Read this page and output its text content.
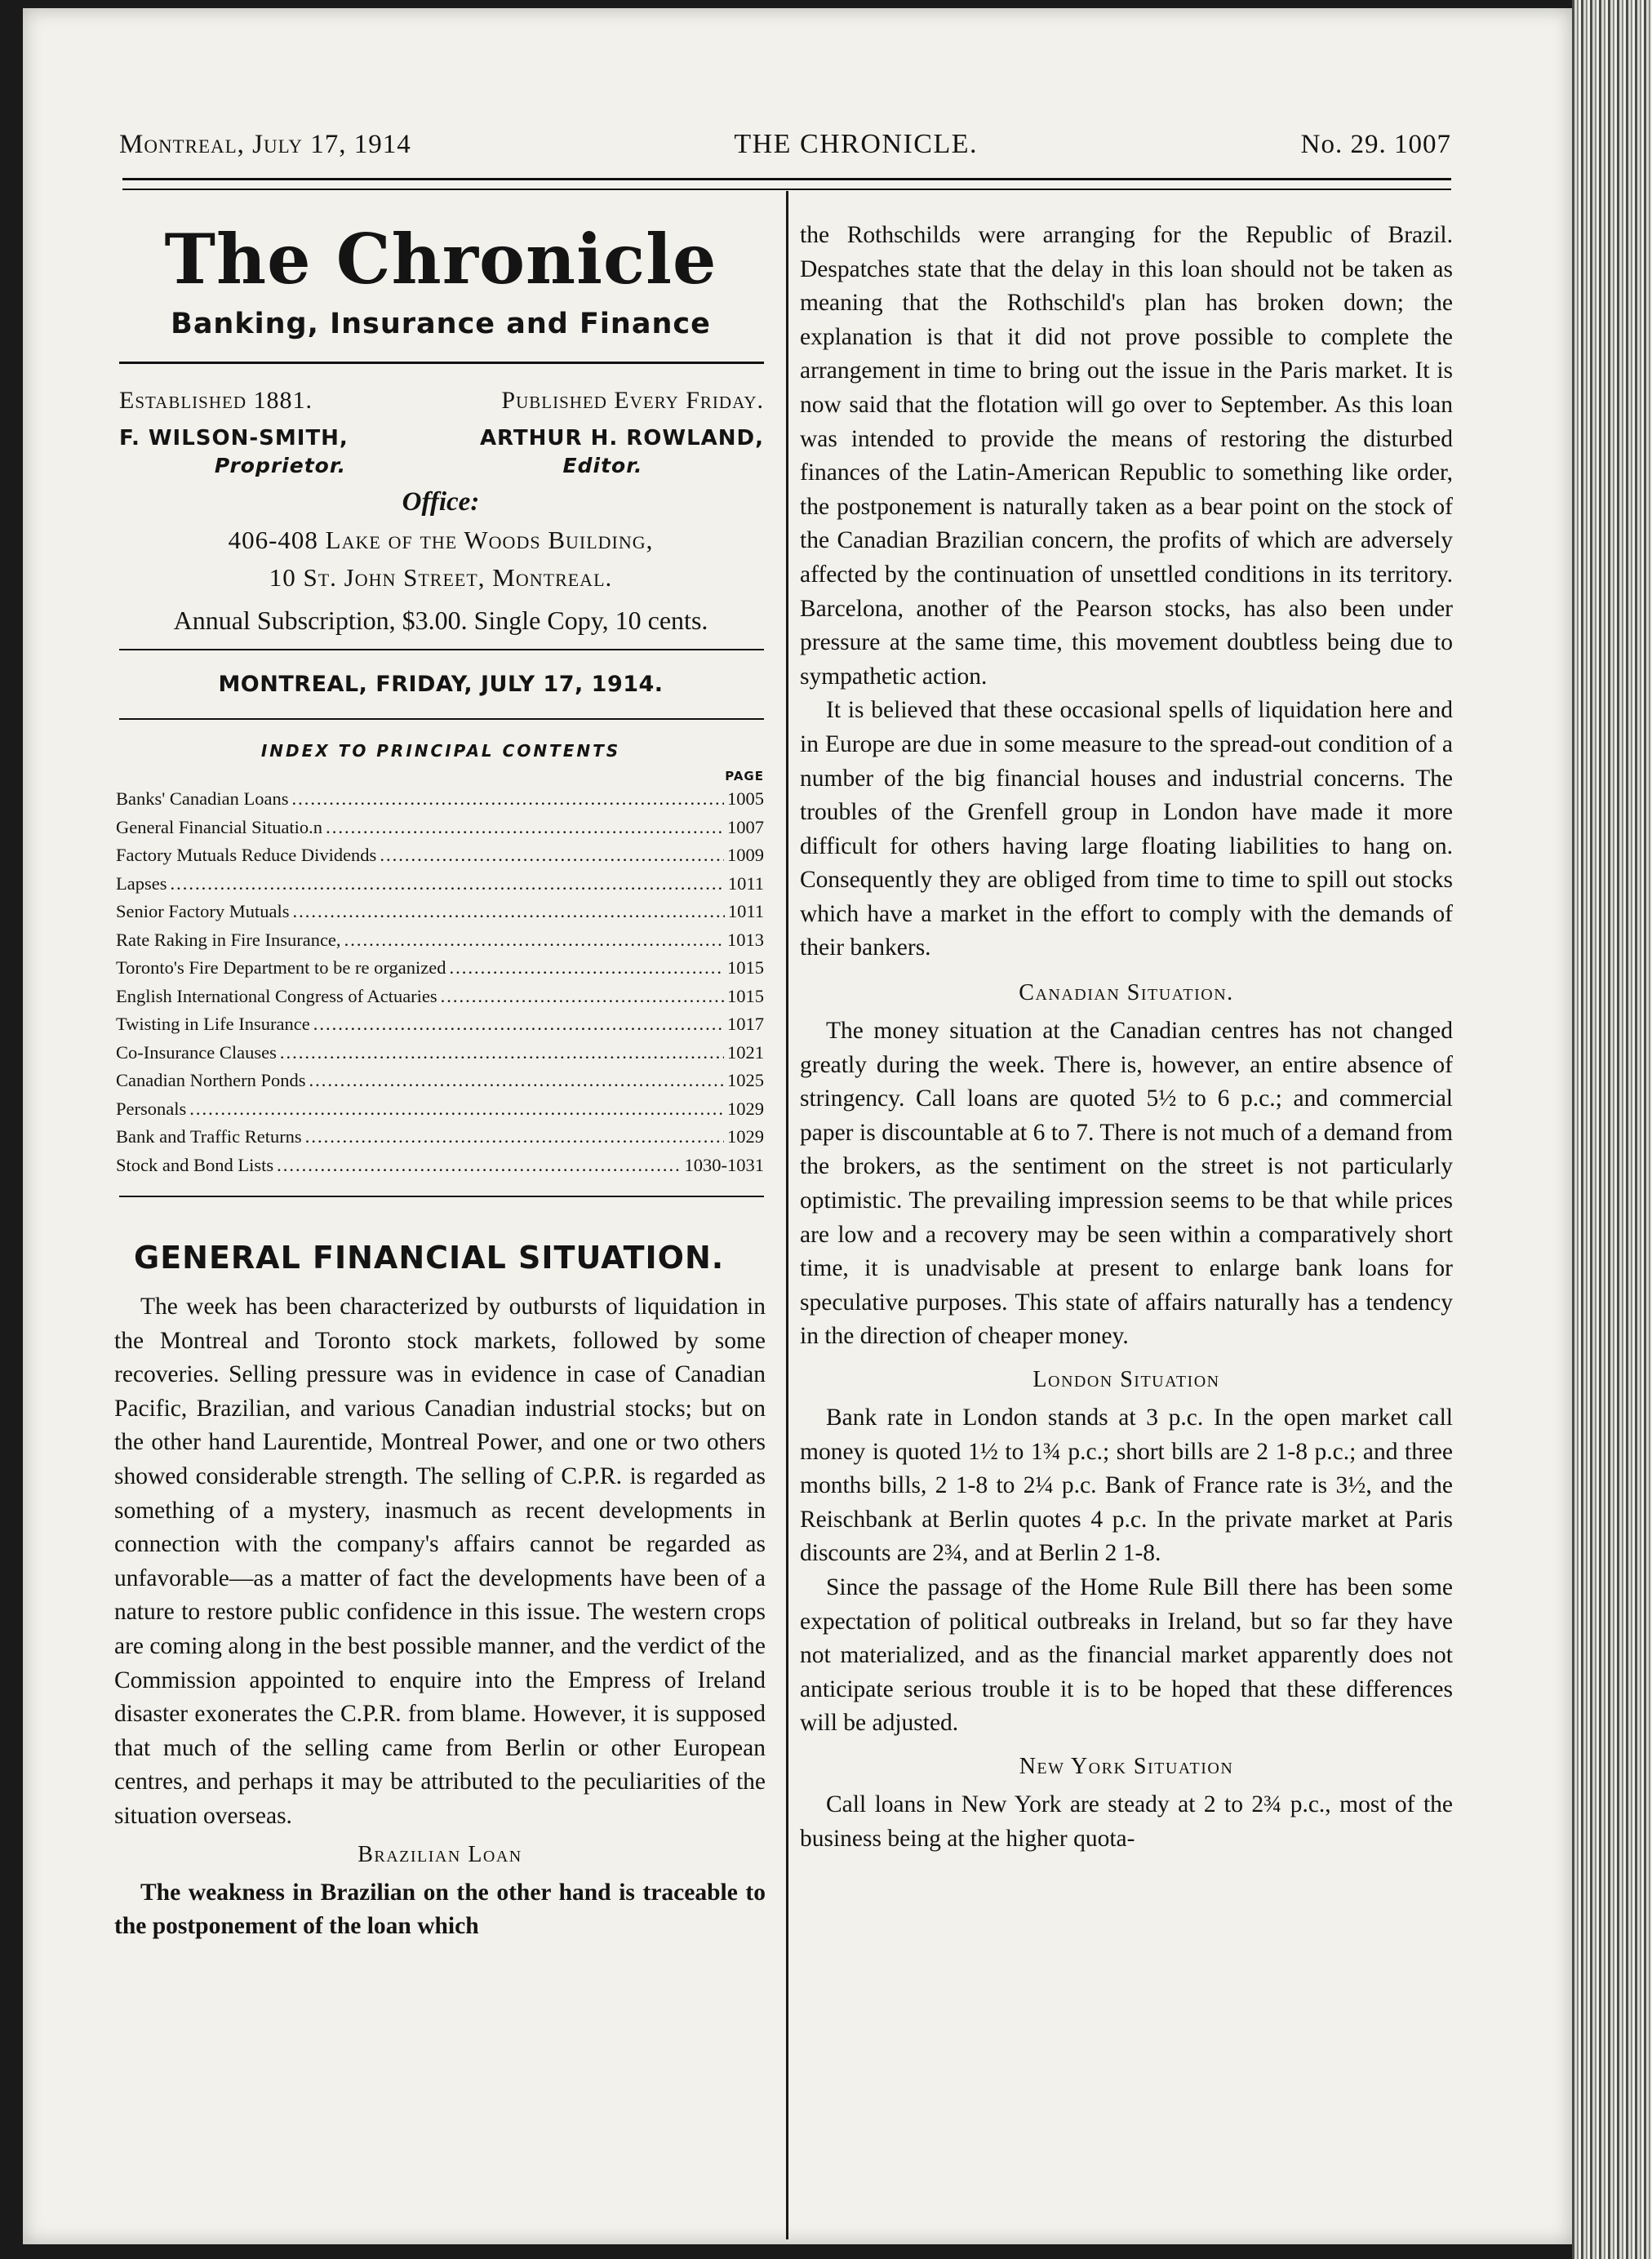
Montreal, July 17, 1914	THE CHRONICLE.	No. 29. 1007
The Chronicle
Banking, Insurance and Finance
Established 1881.	Published Every Friday.
F. WILSON-SMITH,	ARTHUR H. ROWLAND,
Proprietor.	Editor.
Office:
406-408 Lake of the Woods Building,
10 St. John Street, Montreal.
Annual Subscription, $3.00. Single Copy, 10 cents.
MONTREAL, FRIDAY, JULY 17, 1914.
INDEX TO PRINCIPAL CONTENTS
PAGE
Banks' Canadian Loans .....	1005
General Financial Situatio.n .....	1007
Factory Mutuals Reduce Dividends .....	1009
Lapses .....	1011
Senior Factory Mutuals .....	1011
Rate Raking in Fire Insurance, .....	1013
Toronto's Fire Department to be re organized .....	1015
English International Congress of Actuaries .....	1015
Twisting in Life Insurance .....	1017
Co-Insurance Clauses .....	1021
Canadian Northern Ponds .....	1025
Personals .....	1029
Bank and Traffic Returns .....	1029
Stock and Bond Lists .....	1030-1031
GENERAL FINANCIAL SITUATION.

The week has been characterized by outbursts of liquidation in the Montreal and Toronto stock markets, followed by some recoveries. Selling pressure was in evidence in case of Canadian Pacific, Brazilian, and various Canadian industrial stocks; but on the other hand Laurentide, Montreal Power, and one or two others showed considerable strength. The selling of C.P.R. is regarded as something of a mystery, inasmuch as recent developments in connection with the company's affairs cannot be regarded as unfavorable—as a matter of fact the developments have been of a nature to restore public confidence in this issue. The western crops are coming along in the best possible manner, and the verdict of the Commission appointed to enquire into the Empress of Ireland disaster exonerates the C.P.R. from blame. However, it is supposed that much of the selling came from Berlin or other European centres, and perhaps it may be attributed to the peculiarities of the situation overseas.

Brazilian Loan

The weakness in Brazilian on the other hand is traceable to the postponement of the loan which

the Rothschilds were arranging for the Republic of Brazil. Despatches state that the delay in this loan should not be taken as meaning that the Rothschild's plan has broken down; the explanation is that it did not prove possible to complete the arrangement in time to bring out the issue in the Paris market. It is now said that the flotation will go over to September. As this loan was intended to provide the means of restoring the disturbed finances of the Latin-American Republic to something like order, the postponement is naturally taken as a bear point on the stock of the Canadian Brazilian concern, the profits of which are adversely affected by the continuation of unsettled conditions in its territory. Barcelona, another of the Pearson stocks, has also been under pressure at the same time, this movement doubtless being due to sympathetic action.

It is believed that these occasional spells of liquidation here and in Europe are due in some measure to the spread-out condition of a number of the big financial houses and industrial concerns. The troubles of the Grenfell group in London have made it more difficult for others having large floating liabilities to hang on. Consequently they are obliged from time to time to spill out stocks which have a market in the effort to comply with the demands of their bankers.

Canadian Situation.

The money situation at the Canadian centres has not changed greatly during the week. There is, however, an entire absence of stringency. Call loans are quoted 5½ to 6 p.c.; and commercial paper is discountable at 6 to 7. There is not much of a demand from the brokers, as the sentiment on the street is not particularly optimistic. The prevailing impression seems to be that while prices are low and a recovery may be seen within a comparatively short time, it is unadvisable at present to enlarge bank loans for speculative purposes. This state of affairs naturally has a tendency in the direction of cheaper money.

London Situation

Bank rate in London stands at 3 p.c. In the open market call money is quoted 1½ to 1¾ p.c.; short bills are 2 1-8 p.c.; and three months bills, 2 1-8 to 2¼ p.c. Bank of France rate is 3½, and the Reischbank at Berlin quotes 4 p.c. In the private market at Paris discounts are 2¾, and at Berlin 2 1-8.

Since the passage of the Home Rule Bill there has been some expectation of political outbreaks in Ireland, but so far they have not materialized, and as the financial market apparently does not anticipate serious trouble it is to be hoped that these differences will be adjusted.

New York Situation

Call loans in New York are steady at 2 to 2¾ p.c., most of the business being at the higher quota-
